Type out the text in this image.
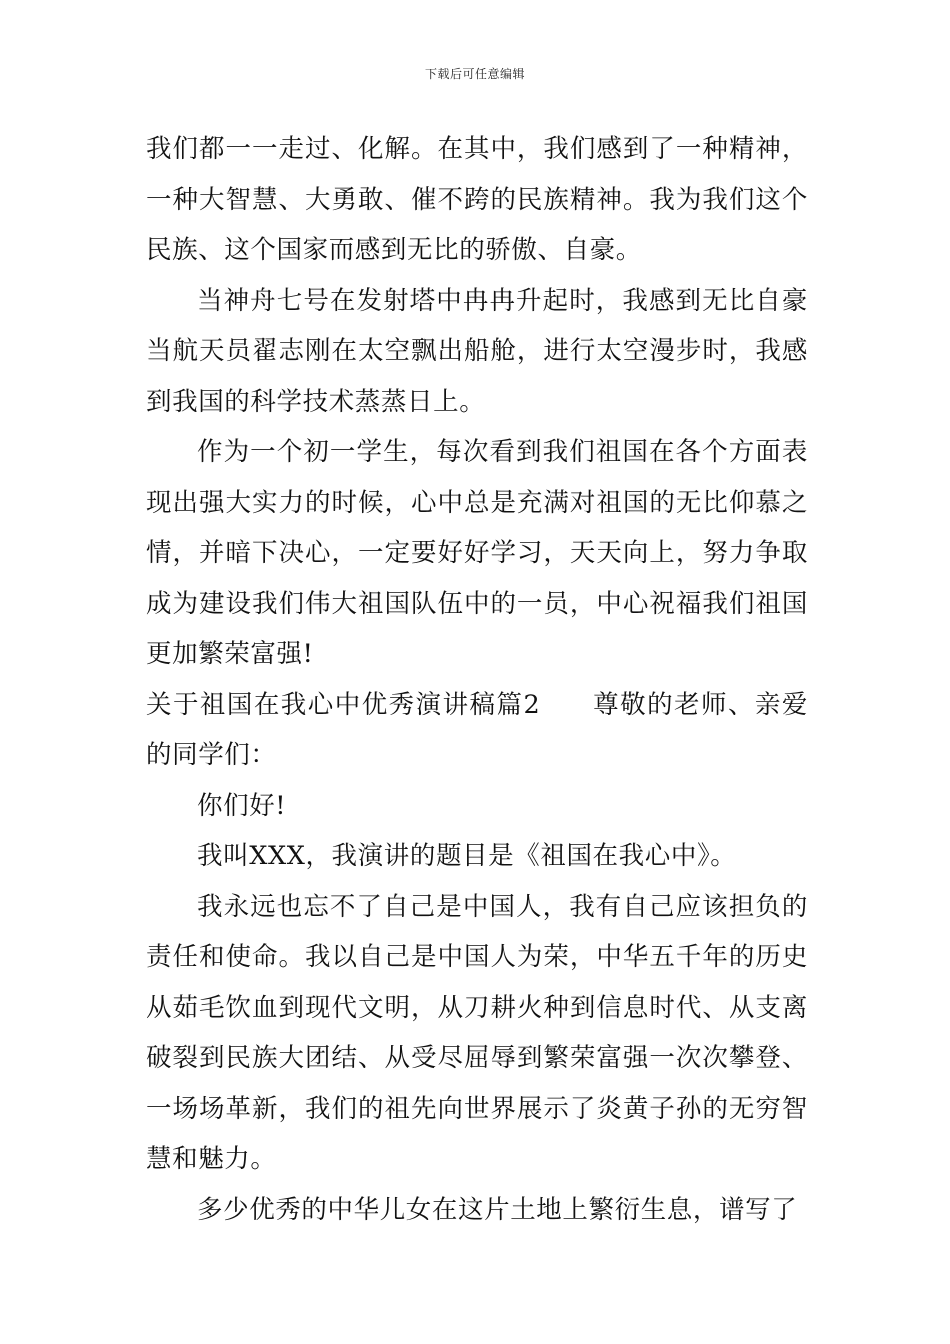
下载后可任意编辑

我们都一一走过、化解。在其中，我们感到了一种精神，一种大智慧、大勇敢、催不跨的民族精神。我为我们这个民族、这个国家而感到无比的骄傲、自豪。

当神舟七号在发射塔中冉冉升起时，我感到无比自豪当航天员翟志刚在太空飘出船舱，进行太空漫步时，我感到我国的科学技术蒸蒸日上。

作为一个初一学生，每次看到我们祖国在各个方面表现出强大实力的时候，心中总是充满对祖国的无比仰慕之情，并暗下决心，一定要好好学习，天天向上，努力争取成为建设我们伟大祖国队伍中的一员，中心祝福我们祖国更加繁荣富强!

关于祖国在我心中优秀演讲稿篇2 尊敬的老师、亲爱的同学们：

你们好!

我叫XXX，我演讲的题目是《祖国在我心中》。

我永远也忘不了自己是中国人，我有自己应该担负的责任和使命。我以自己是中国人为荣，中华五千年的历史从茹毛饮血到现代文明，从刀耕火种到信息时代、从支离破裂到民族大团结、从受尽屈辱到繁荣富强一次次攀登、一场场革新，我们的祖先向世界展示了炎黄子孙的无穷智慧和魅力。

多少优秀的中华儿女在这片土地上繁衍生息，谱写了
